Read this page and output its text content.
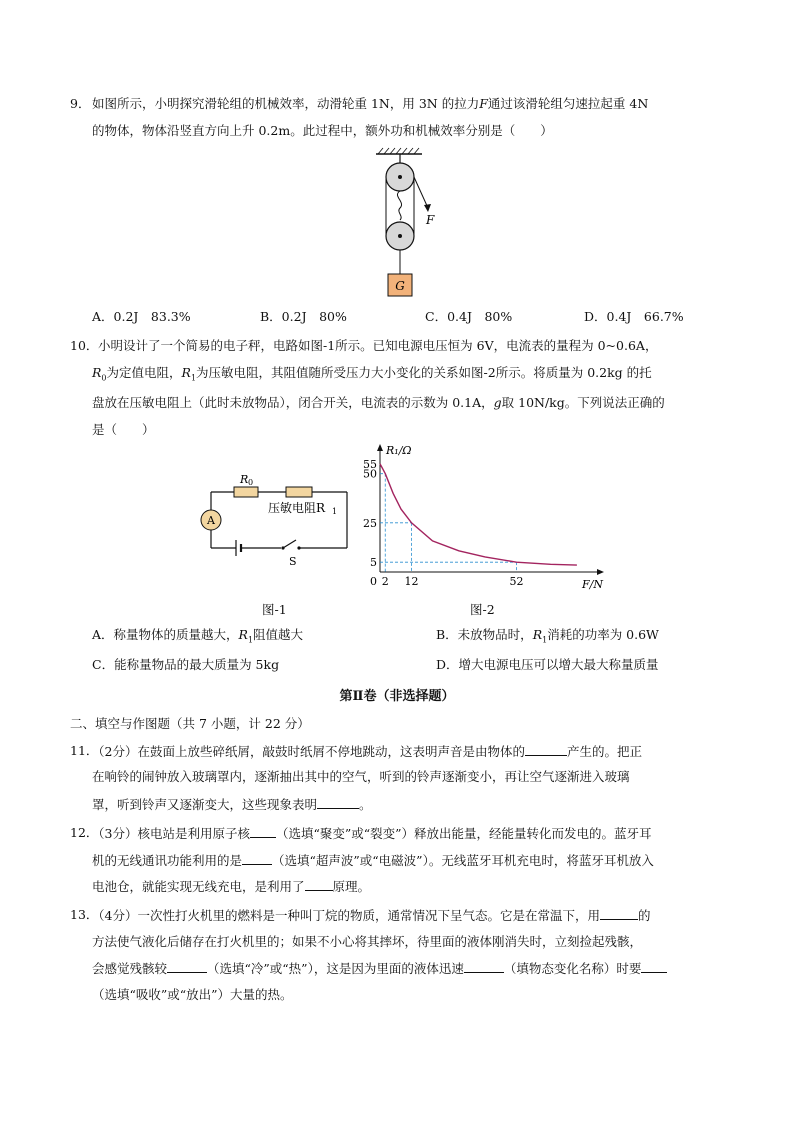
9． 如图所示，小明探究滑轮组的机械效率，动滑轮重 1N，用 3N 的拉力F通过该滑轮组匀速拉起重 4N
的物体，物体沿竖直方向上升 0.2m。此过程中，额外功和机械效率分别是（　　）
F
G
A．0.2J　83.3%	B．0.2J　80%	C．0.4J　80%	D．0.4J　66.7%
10． 小明设计了一个简易的电子秤，电路如图-1所示。已知电源电压恒为 6V，电流表的量程为 0~0.6A，
$R_0$为定值电阻，$R_1$为压敏电阻，其阻值随所受压力大小变化的关系如图-2所示。将质量为 0.2kg 的托
盘放在压敏电阻上（此时未放物品），闭合开关，电流表的示数为 0.1A，g取 10N/kg。下列说法正确的
是（　　）
A
R 0
压敏电阻R 1
S
图-1
2 12	52
5
25
50
55
0
R₁/Ω
F/N
图-2
A．称量物体的质量越大，$R_1$阻值越大	B．未放物品时，$R_1$消耗的功率为 0.6W
C．能称量物品的最大质量为 5kg	D．增大电源电压可以增大最大称量质量
第Ⅱ卷（非选择题）
二、填空与作图题（共 7 小题，计 22 分）
11．
（2分）在鼓面上放些碎纸屑，敲鼓时纸屑不停地跳动，这表明声音是由物体的	产生的。把正
在响铃的闹钟放入玻璃罩内，逐渐抽出其中的空气，听到的铃声逐渐变小，再让空气逐渐进入玻璃
罩，听到铃声又逐渐变大，这些现象表明	。
12．
（3分）核电站是利用原子核 （选填“聚变”或“裂变”）释放出能量，经能量转化而发电的。蓝牙耳
机的无线通讯功能利用的是 （选填“超声波”或“电磁波”）。无线蓝牙耳机充电时，将蓝牙耳机放入
电池仓，就能实现无线充电，是利用了 原理。
13．
（4分）一次性打火机里的燃料是一种叫丁烷的物质，通常情况下呈气态。它是在常温下，用	的
方法使气液化后储存在打火机里的；如果不小心将其摔坏，待里面的液体刚消失时，立刻捡起残骸，
会感觉残骸较	（选填“冷”或“热”），这是因为里面的液体迅速	（填物态变化名称）时要
（选填“吸收”或“放出”）大量的热。
